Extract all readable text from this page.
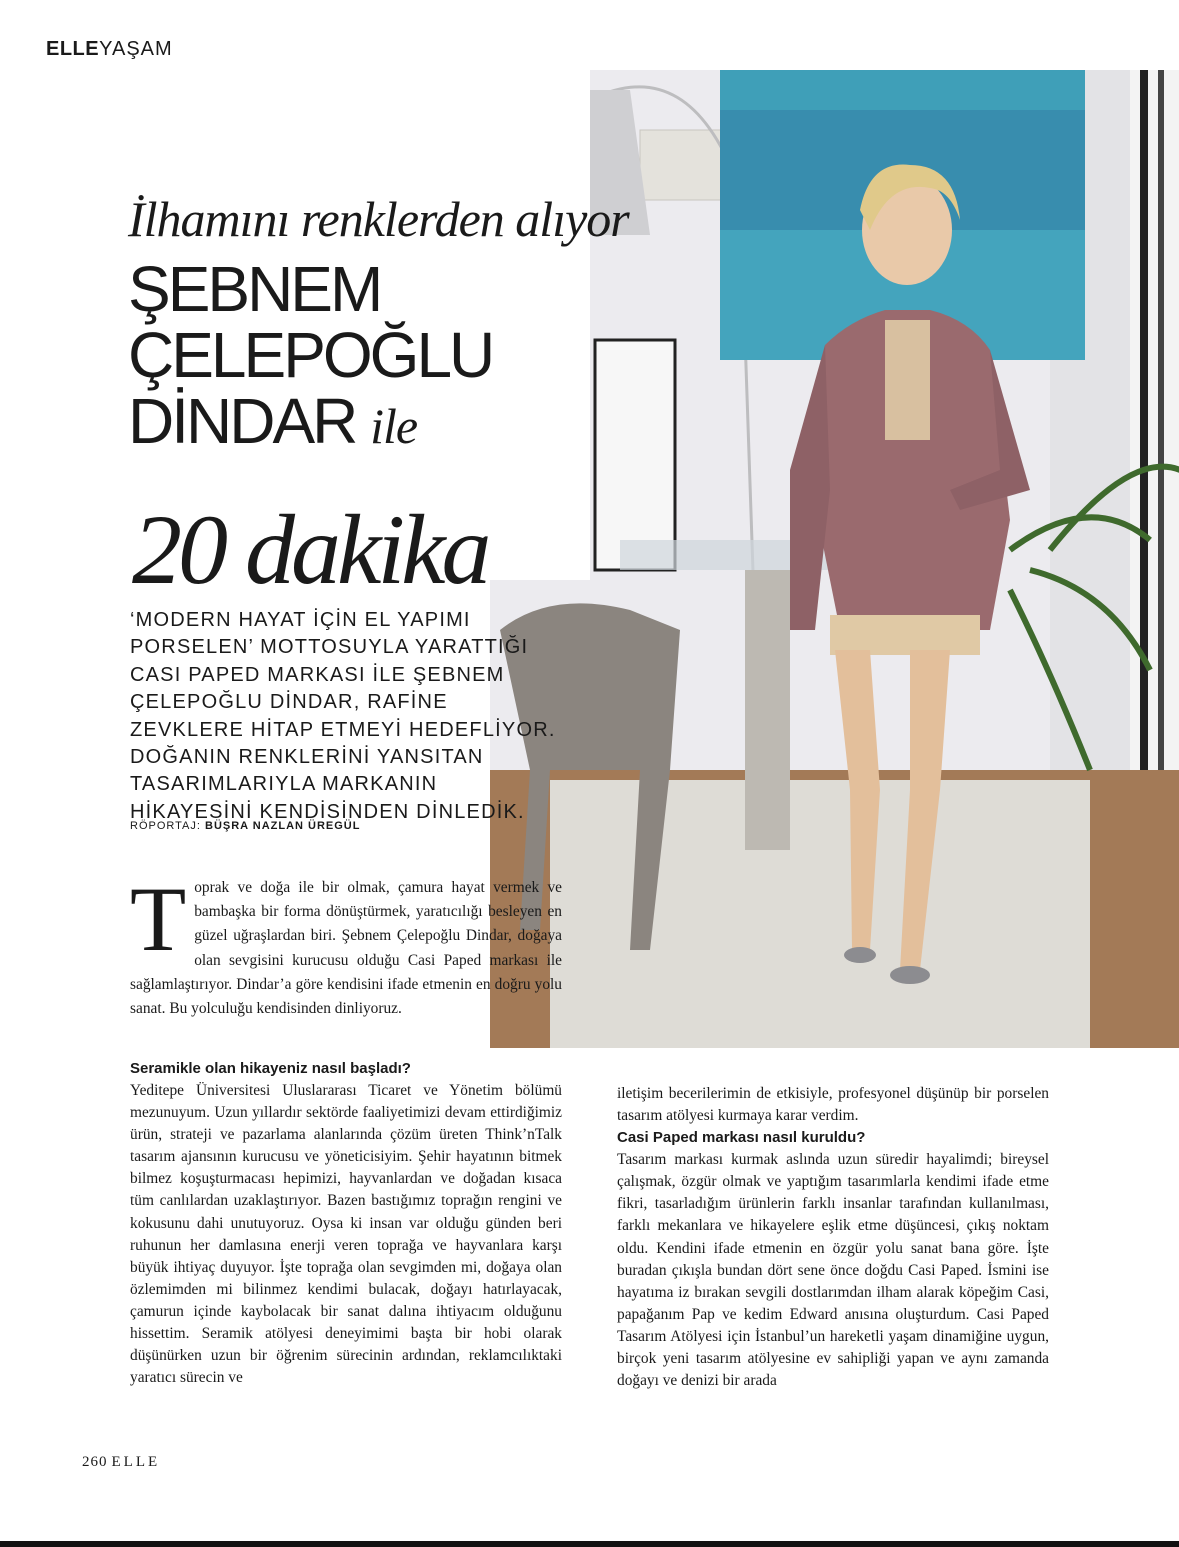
ELLEYAŞAM
İlhamını renklerden alıyor
ŞEBNEM
ÇELEPOĞLU
DİNDAR ile
20 dakika
‘MODERN HAYAT İÇİN EL YAPIMI PORSELEN’ MOTTOSUYLA YARATTIĞI CASI PAPED MARKASI İLE ŞEBNEM ÇELEPOĞLU DİNDAR, RAFİNE ZEVKLERE HİTAP ETMEYİ HEDEFLİYOR. DOĞANIN RENKLERİNİ YANSITAN TASARIMLARIYLA MARKANIN HİKAYESİNİ KENDİSİNDEN DİNLEDİK.
RÖPORTAJ: BÜŞRA NAZLAN ÜREGÜL
Toprak ve doğa ile bir olmak, çamura hayat vermek ve bambaşka bir forma dönüştürmek, yaratıcılığı besleyen en güzel uğraşlardan biri. Şebnem Çelepoğlu Dindar, doğaya olan sevgisini kurucusu olduğu Casi Paped markası ile sağlamlaştırıyor. Dindar’a göre kendisini ifade etmenin en doğru yolu sanat. Bu yolculuğu kendisinden dinliyoruz.
Seramikle olan hikayeniz nasıl başladı?
Yeditepe Üniversitesi Uluslararası Ticaret ve Yönetim bölümü mezunuyum. Uzun yıllardır sektörde faaliyetimizi devam ettirdiğimiz ürün, strateji ve pazarlama alanlarında çözüm üreten Think’nTalk tasarım ajansının kurucusu ve yöneticisiyim. Şehir hayatının bitmek bilmez koşuşturmacası hepimizi, hayvanlardan ve doğadan kısaca tüm canlılardan uzaklaştırıyor. Bazen bastığımız toprağın rengini ve kokusunu dahi unutuyoruz. Oysa ki insan var olduğu günden beri ruhunun her damlasına enerji veren toprağa ve hayvanlara karşı büyük ihtiyaç duyuyor. İşte toprağa olan sevgimden mi, doğaya olan özlemimden mi bilinmez kendimi bulacak, doğayı hatırlayacak, çamurun içinde kaybolacak bir sanat dalına ihtiyacım olduğunu hissettim. Seramik atölyesi deneyimimi başta bir hobi olarak düşünürken uzun bir öğrenim sürecinin ardından, reklamcılıktaki yaratıcı sürecin ve
iletişim becerilerimin de etkisiyle, profesyonel düşünüp bir porselen tasarım atölyesi kurmaya karar verdim.
Casi Paped markası nasıl kuruldu?
Tasarım markası kurmak aslında uzun süredir hayalimdi; bireysel çalışmak, özgür olmak ve yaptığım tasarımlarla kendimi ifade etme fikri, tasarladığım ürünlerin farklı insanlar tarafından kullanılması, farklı mekanlara ve hikayelere eşlik etme düşüncesi, çıkış noktam oldu. Kendini ifade etmenin en özgür yolu sanat bana göre. İşte buradan çıkışla bundan dört sene önce doğdu Casi Paped. İsmini ise hayatıma iz bırakan sevgili dostlarımdan ilham alarak köpeğim Casi, papağanım Pap ve kedim Edward anısına oluşturdum. Casi Paped Tasarım Atölyesi için İstanbul’un hareketli yaşam dinamiğine uygun, birçok yeni tasarım atölyesine ev sahipliği yapan ve aynı zamanda doğayı ve denizi bir arada
260 ELLE
